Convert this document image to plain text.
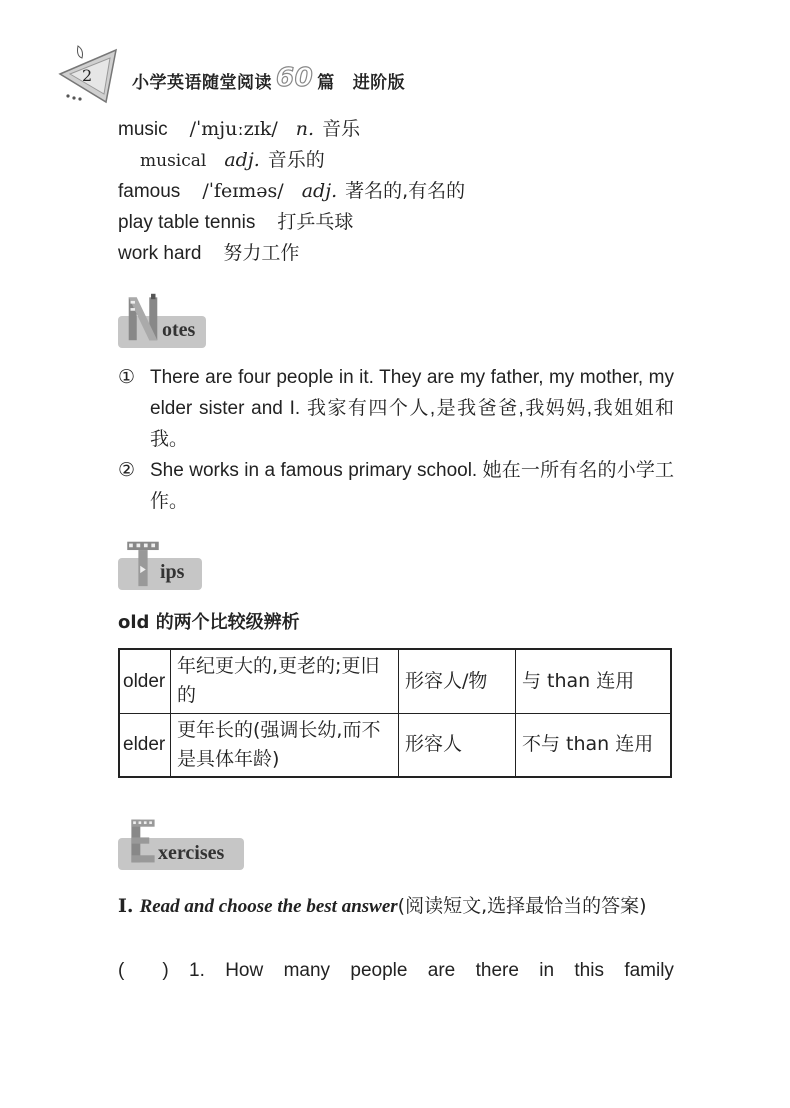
2 小学英语随堂阅读 60 篇 进阶版
music /ˈmjuːzɪk/ n. 音乐
musical adj. 音乐的
famous /ˈfeɪməs/ adj. 著名的,有名的
play table tennis 打乒乓球
work hard 努力工作
otes
① There are four people in it. They are my father, my mother, my elder sister and I. 我家有四个人,是我爸爸,我妈妈,我姐姐和我。
② She works in a famous primary school. 她在一所有名的小学工作。
ips
old 的两个比较级辨析
older	年纪更大的,更老的;更旧的	形容人/物	与 than 连用
elder	更年长的(强调长幼,而不是具体年龄)	形容人	不与 than 连用
xercises
Ⅰ. Read and choose the best answer(阅读短文,选择最恰当的答案)
(　　) 1. How many people are there in this family
